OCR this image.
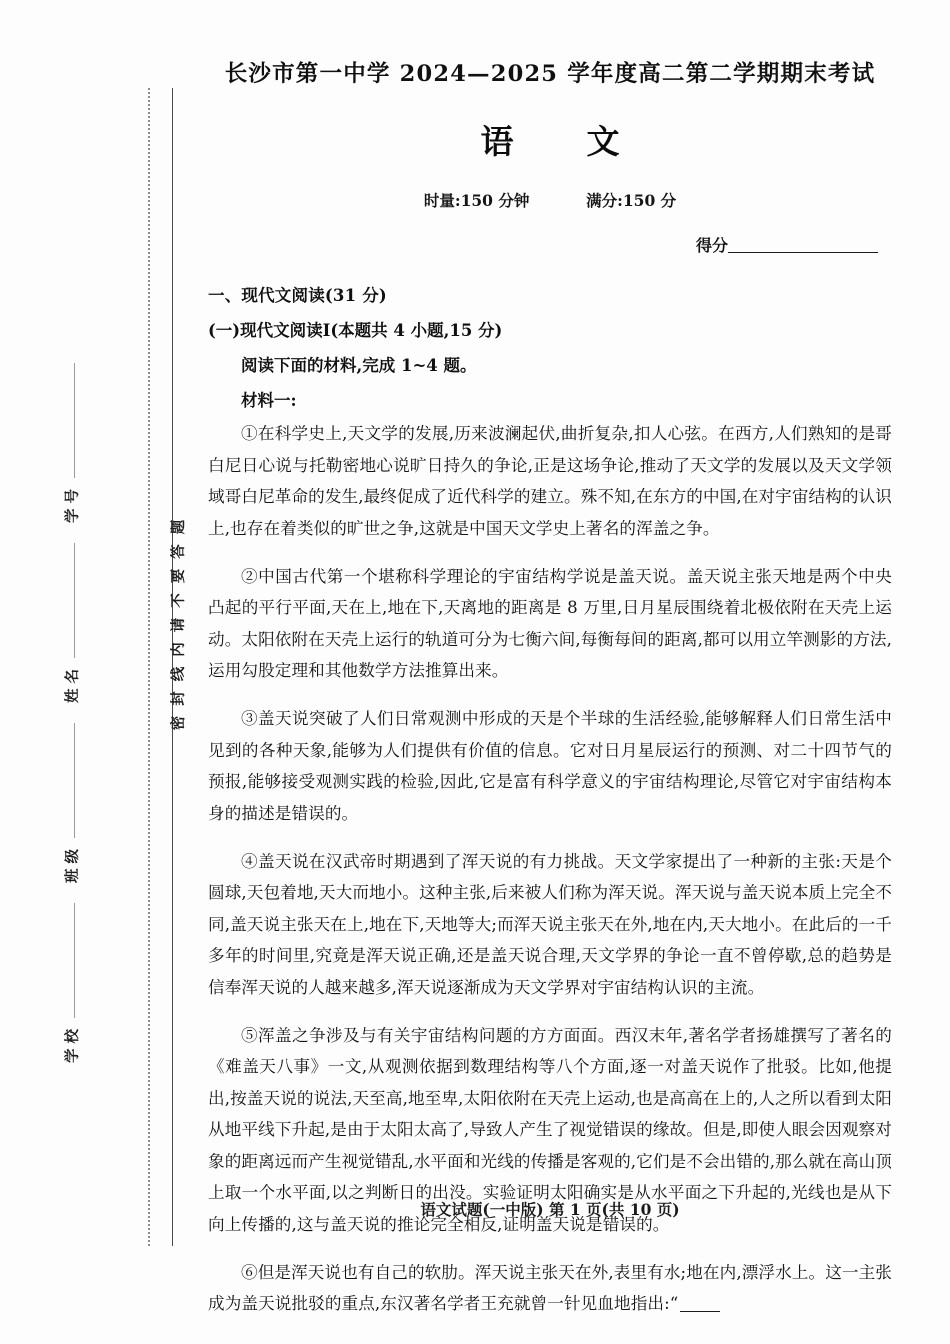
学号
姓名
班级
学校
密封线内请不要答题
长沙市第一中学 2024—2025 学年度高二第二学期期末考试
语　文
时量:150 分钟	满分:150 分
得分
一、现代文阅读(31 分)
(一)现代文阅读Ⅰ(本题共 4 小题,15 分)
阅读下面的材料,完成 1~4 题。
材料一:

①在科学史上,天文学的发展,历来波澜起伏,曲折复杂,扣人心弦。在西方,人们熟知的是哥白尼日心说与托勒密地心说旷日持久的争论,正是这场争论,推动了天文学的发展以及天文学领域哥白尼革命的发生,最终促成了近代科学的建立。殊不知,在东方的中国,在对宇宙结构的认识上,也存在着类似的旷世之争,这就是中国天文学史上著名的浑盖之争。

②中国古代第一个堪称科学理论的宇宙结构学说是盖天说。盖天说主张天地是两个中央凸起的平行平面,天在上,地在下,天离地的距离是 8 万里,日月星辰围绕着北极依附在天壳上运动。太阳依附在天壳上运行的轨道可分为七衡六间,每衡每间的距离,都可以用立竿测影的方法,运用勾股定理和其他数学方法推算出来。

③盖天说突破了人们日常观测中形成的天是个半球的生活经验,能够解释人们日常生活中见到的各种天象,能够为人们提供有价值的信息。它对日月星辰运行的预测、对二十四节气的预报,能够接受观测实践的检验,因此,它是富有科学意义的宇宙结构理论,尽管它对宇宙结构本身的描述是错误的。

④盖天说在汉武帝时期遇到了浑天说的有力挑战。天文学家提出了一种新的主张:天是个圆球,天包着地,天大而地小。这种主张,后来被人们称为浑天说。浑天说与盖天说本质上完全不同,盖天说主张天在上,地在下,天地等大;而浑天说主张天在外,地在内,天大地小。在此后的一千多年的时间里,究竟是浑天说正确,还是盖天说合理,天文学界的争论一直不曾停歇,总的趋势是信奉浑天说的人越来越多,浑天说逐渐成为天文学界对宇宙结构认识的主流。

⑤浑盖之争涉及与有关宇宙结构问题的方方面面。西汉末年,著名学者扬雄撰写了著名的《难盖天八事》一文,从观测依据到数理结构等八个方面,逐一对盖天说作了批驳。比如,他提出,按盖天说的说法,天至高,地至卑,太阳依附在天壳上运动,也是高高在上的,人之所以看到太阳从地平线下升起,是由于太阳太高了,导致人产生了视觉错误的缘故。但是,即使人眼会因观察对象的距离远而产生视觉错乱,水平面和光线的传播是客观的,它们是不会出错的,那么就在高山顶上取一个水平面,以之判断日的出没。实验证明太阳确实是从水平面之下升起的,光线也是从下向上传播的,这与盖天说的推论完全相反,证明盖天说是错误的。

⑥但是浑天说也有自己的软肋。浑天说主张天在外,表里有水;地在内,漂浮水上。这一主张成为盖天说批驳的重点,东汉著名学者王充就曾一针见血地指出:“

语文试题(一中版) 第 1 页(共 10 页)
